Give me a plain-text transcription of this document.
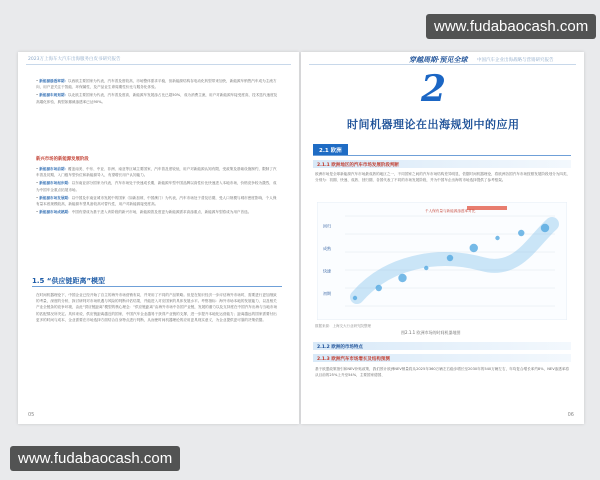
2023万上海车大汽车出海服务白皮书研究报告
• 新能源渗透率期：以西欧主要国家为代表，汽车普及度较高，市场整体需求平稳，但新能源结构存电动化转型带来加快，新能源车销售汽车成为主流方向，用户更关注于智能、环保属性，及产品业生命周期性价比与服务化体验。
• 新能源车规划期：以北欧主要国家为代表，汽车普及度高，新能源车发展渗占比已超50%，成为消费主流，用户对新能源车接受度高，技术迭代速度及高端化体验，典型如挪威渗透率已达90%。
新兴市场的新能源发展阶段
• 新能源市场前期：覆盖南美、中东、中亚、非洲、南亚等区域主要国家，汽车普及度较低，用户对新能源认知有限，受政策及基础设施制约，限制了汽车普及初期，入门级车型价位和新能源导入，有望增长用户认知能力。
• 新能源市场起步期：以东南亚部分国家为代表，汽车市场处于快速成长期，新能源车型中国品牌以高性价比快速进入本地市场，价格竞争较为激烈，成为中国车企重点拓展市场。
• 新能源市场发展期：以中国及东南亚城市发展中的国家（如新加坡、中国澳门）为代表，汽车市场处于普及后期，受人口规模与城市密度影响，个人保有量本底规模较高，新能源车型具备较高可替代性，用户对新能源接受度高。
• 新能源市场成熟期：中国有望成为基于进入该阶段的新兴市场，新能源普及度更为新能源需求高渗重点，新能源车型将成为用户首选。
1.5 “供应链距离”模型
在时间机器理论下，中国企业已经开始了自主的海外市场营销布局，并采用了不同的产品策略。但是在知识经济一步评估海外市场时，需要进行更加细致的考量，深度的分析，探讨研判对市场机遇与风险的判断评估结果，并能进入对应国家的具体发展水平。考察指标：海外市场本地的发展能力，以及相关产业全链条的竞争环境，由此“供应链距离”模型的核心理念：“供应链距离”由海外市场中各国产业链，发展的潜力以及支持度在中国汽车出海与当地市场的匹配情况所决定。具体来说，供应链距离越近的国家，中国汽车企业越易于获得产业链的支撑，进一步提升本地化运营能力；距离越远的国家需要付出更多的时间与成本，企业需要在市场选择方面结合自身特点进行判断，从而使时间机器理论的应用更具现实意义，为企业提供更可靠的决策依据。
05
穿越周期·预见全球 中国汽车企业出海战略与营销研究报告
2
时间机器理论在出海规划中的应用
2.1 欧洲
2.1.1 欧洲地区的汽车市场发展阶段判断
欧洲市场是全球新能源汽车市场最成熟的地区之一，不同国家之间的汽车市场结构差异明显，依据时间机器理论，将欧洲各国汽车市场按照发展阶段划分为四类，分别为：初期、快速、成熟、回归期，各国代表了不同的市场发展阶段，并为中国车企出海的市场选择提供了参考框架。
千人保有量与新能源渗透率对比
初期
快速
成熟
回归
数据来源：上海交大行业研究院整理
图2.1.1 欧洲市场的时间机器地图
2.1.2 欧洲的市场特点
2.1.3 欧洲汽车市场增长及结构预测
基于欧盟政策指引和NEV补贴政策，我们预计欧洲NEV销量将从2025年360万辆左右稳步增长至2030年的540万辆左右，年均复合增长率约8%，NEV渗透率将从目前的25%上升至54%，主要国家德国、
06
www.fudabaocash.com
www.fudabaocash.com
